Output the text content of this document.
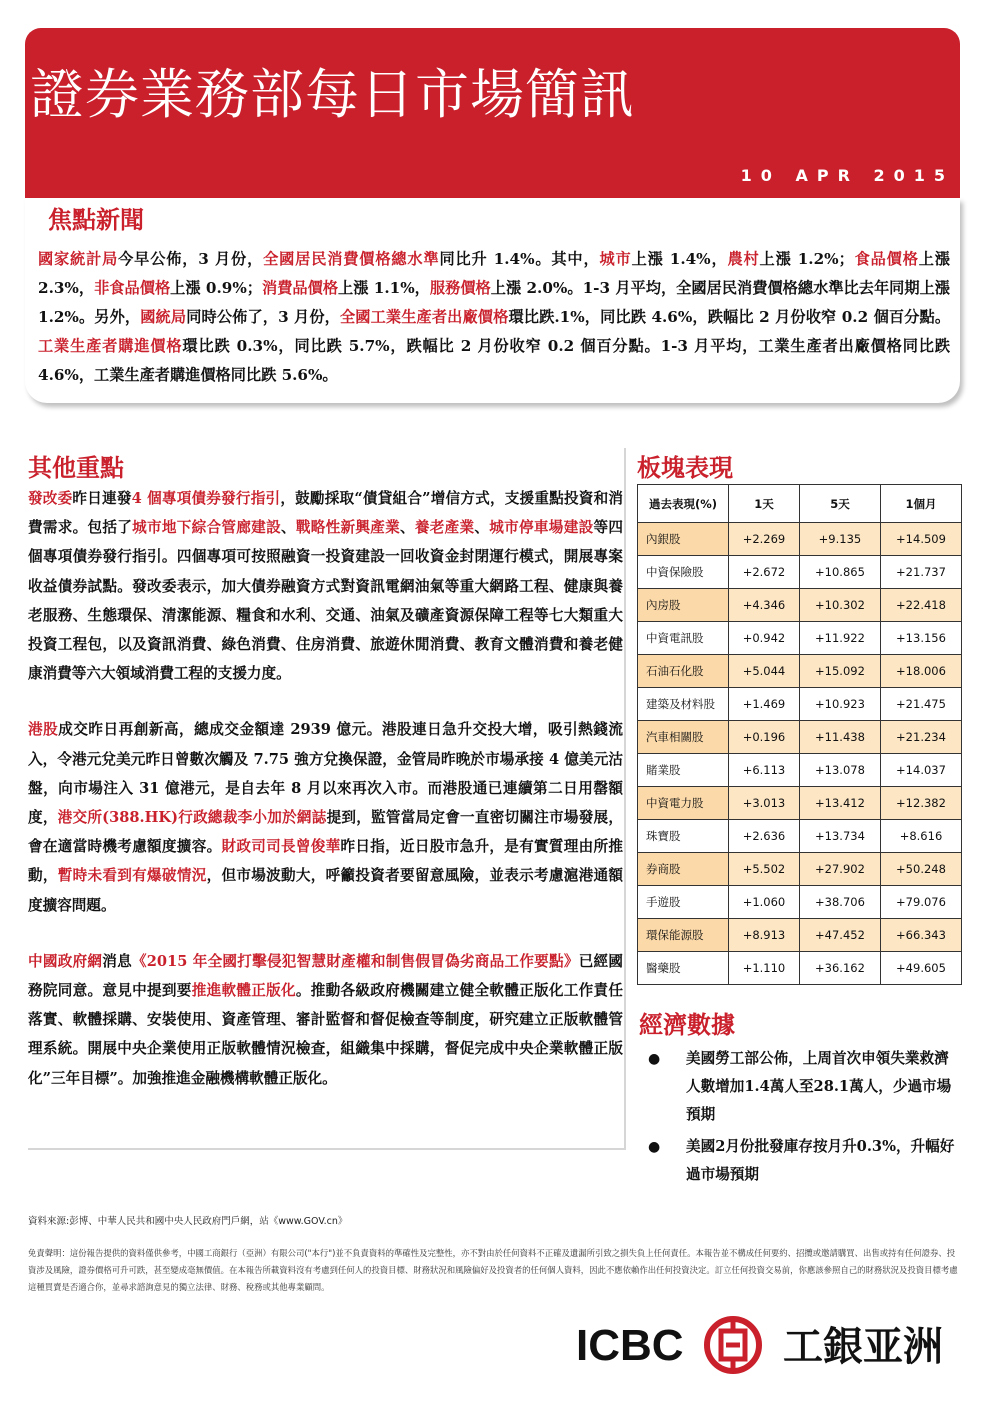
證券業務部每日市場簡訊
10 APR 2015
焦點新聞
國家統計局今早公佈，3 月份，全國居民消費價格總水準同比升 1.4%。其中，城市上漲 1.4%，農村上漲 1.2%；食品價格上漲 2.3%，非食品價格上漲 0.9%；消費品價格上漲 1.1%，服務價格上漲 2.0%。1-3 月平均，全國居民消費價格總水準比去年同期上漲 1.2%。另外，國統局同時公佈了，3 月份，全國工業生產者出廠價格環比跌.1%，同比跌 4.6%，跌幅比 2 月份收窄 0.2 個百分點。工業生產者購進價格環比跌 0.3%，同比跌 5.7%，跌幅比 2 月份收窄 0.2 個百分點。1-3 月平均，工業生產者出廠價格同比跌 4.6%，工業生產者購進價格同比跌 5.6%。
其他重點

發改委昨日連發4 個專項債券發行指引，鼓勵採取“債貸組合”增信方式，支援重點投資和消費需求。包括了城市地下綜合管廊建設、戰略性新興產業、養老產業、城市停車場建設等四個專項債券發行指引。四個專項可按照融資一投資建設一回收資金封閉運行模式，開展專案收益債券試點。發改委表示，加大債券融資方式對資訊電網油氣等重大網路工程、健康與養老服務、生態環保、清潔能源、糧食和水利、交通、油氣及礦產資源保障工程等七大類重大投資工程包，以及資訊消費、綠色消費、住房消費、旅遊休閒消費、教育文體消費和養老健康消費等六大領域消費工程的支援力度。

港股成交昨日再創新高，總成交金額達 2939 億元。港股連日急升交投大增，吸引熱錢流入，令港元兌美元昨日曾數次觸及 7.75 強方兌換保證，金管局昨晚於市場承接 4 億美元沽盤，向市場注入 31 億港元，是自去年 8 月以來再次入市。而港股通已連續第二日用罄額度，港交所(388.HK)行政總裁李小加於網誌提到，監管當局定會一直密切關注市場發展，會在適當時機考慮額度擴容。財政司司長曾俊華昨日指，近日股市急升，是有實質理由所推動，暫時未看到有爆破情況，但市場波動大，呼籲投資者要留意風險，並表示考慮滬港通額度擴容問題。

中國政府網消息《2015 年全國打擊侵犯智慧財產權和制售假冒偽劣商品工作要點》已經國務院同意。意見中提到要推進軟體正版化。推動各級政府機關建立健全軟體正版化工作責任落實、軟體採購、安裝使用、資產管理、審計監督和督促檢查等制度，研究建立正版軟體管理系統。開展中央企業使用正版軟體情況檢查，組織集中採購，督促完成中央企業軟體正版化”三年目標”。加強推進金融機構軟體正版化。

板塊表現
過去表現(%)	1天	5天	1個月
內銀股	+2.269	+9.135	+14.509
中資保險股	+2.672	+10.865	+21.737
內房股	+4.346	+10.302	+22.418
中資電訊股	+0.942	+11.922	+13.156
石油石化股	+5.044	+15.092	+18.006
建築及材料股	+1.469	+10.923	+21.475
汽車相關股	+0.196	+11.438	+21.234
賭業股	+6.113	+13.078	+14.037
中資電力股	+3.013	+13.412	+12.382
珠寶股	+2.636	+13.734	+8.616
券商股	+5.502	+27.902	+50.248
手遊股	+1.060	+38.706	+79.076
環保能源股	+8.913	+47.452	+66.343
醫藥股	+1.110	+36.162	+49.605
經濟數據
● 美國勞工部公佈，上周首次申領失業救濟人數增加1.4萬人至28.1萬人，少過市場預期
● 美國2月份批發庫存按月升0.3%，升幅好過市場預期
資料來源:彭博、中華人民共和國中央人民政府門戶網，站《www.GOV.cn》
免責聲明：這份報告提供的資料僅供參考，中國工商銀行（亞洲）有限公司("本行")並不負責資料的準確性及完整性，亦不對由於任何資料不正確及遺漏所引致之損失負上任何責任。本報告並不構成任何要約、招攬或邀請購買、出售或持有任何證券、投資涉及風險，證券價格可升可跌，甚至變成毫無價值。在本報告所載資料沒有考慮到任何人的投資目標、財務狀況和風險偏好及投資者的任何個人資料，因此不應依賴作出任何投資決定。訂立任何投資交易前，你應該參照自己的財務狀況及投資目標考慮這種買賣是否適合你，並尋求諮詢意見的獨立法律、財務、稅務或其他專業顧問。
ICBC 工銀亚洲
